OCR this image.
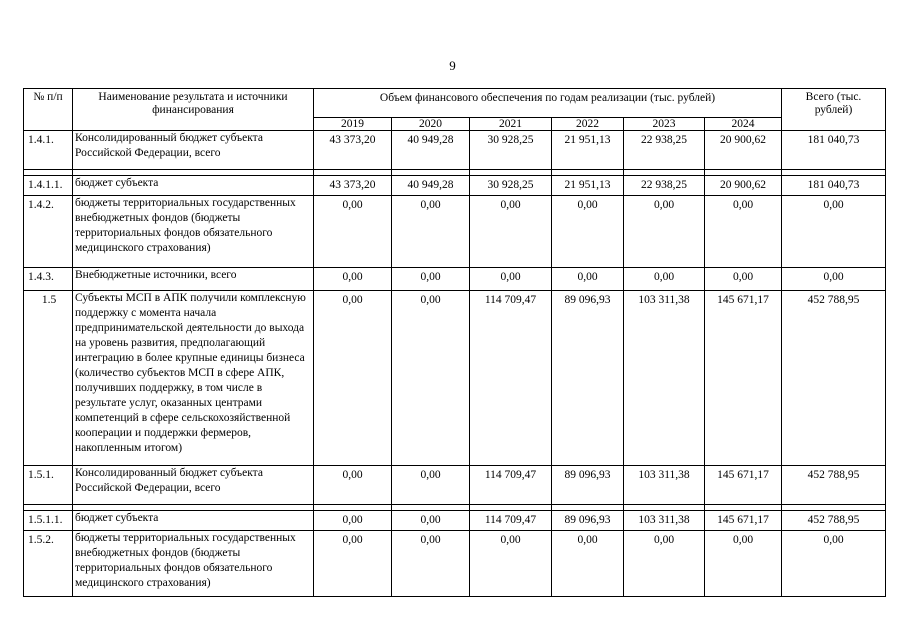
9
№ п/п	Наименование результата и источники финансирования	Объем финансового обеспечения по годам реализации (тыс. рублей)						Всего (тыс. рублей)
		2019	2020	2021	2022	2023	2024	
1.4.1.	Консолидированный бюджет субъекта Российской Федерации, всего	43 373,20	40 949,28	30 928,25	21 951,13	22 938,25	20 900,62	181 040,73

1.4.1.1.	бюджет субъекта	43 373,20	40 949,28	30 928,25	21 951,13	22 938,25	20 900,62	181 040,73
1.4.2.	бюджеты территориальных государственных внебюджетных фондов (бюджеты территориальных фондов обязательного медицинского страхования)	0,00	0,00	0,00	0,00	0,00	0,00	0,00
1.4.3.	Внебюджетные источники, всего	0,00	0,00	0,00	0,00	0,00	0,00	0,00
1.5	Субъекты МСП в АПК получили комплексную поддержку с момента начала предпринимательской деятельности до выхода на уровень развития, предполагающий интеграцию в более крупные единицы бизнеса (количество субъектов МСП в сфере АПК, получивших поддержку, в том числе в результате услуг, оказанных центрами компетенций в сфере сельскохозяйственной кооперации и поддержки фермеров, накопленным итогом)	0,00	0,00	114 709,47	89 096,93	103 311,38	145 671,17	452 788,95
1.5.1.	Консолидированный бюджет субъекта Российской Федерации, всего	0,00	0,00	114 709,47	89 096,93	103 311,38	145 671,17	452 788,95

1.5.1.1.	бюджет субъекта	0,00	0,00	114 709,47	89 096,93	103 311,38	145 671,17	452 788,95
1.5.2.	бюджеты территориальных государственных внебюджетных фондов (бюджеты территориальных фондов обязательного медицинского страхования)	0,00	0,00	0,00	0,00	0,00	0,00	0,00
